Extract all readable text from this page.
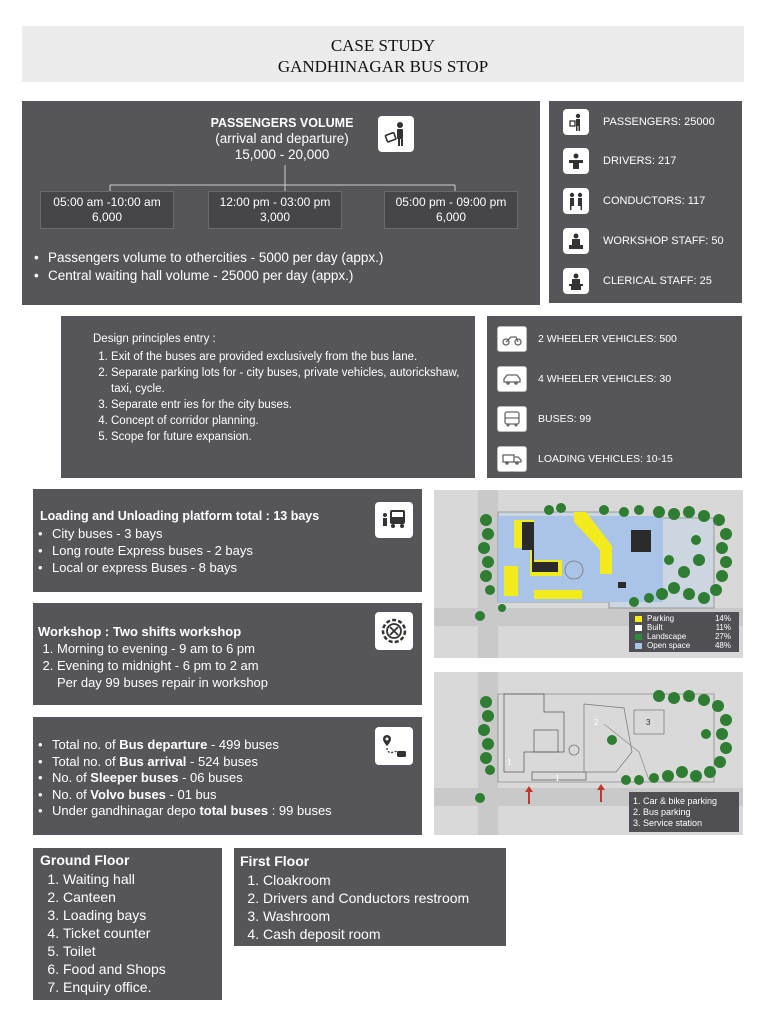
CASE STUDY
GANDHINAGAR BUS STOP
PASSENGERS VOLUME
(arrival and departure)
15,000 - 20,000
05:00 am -10:00 am
6,000
12:00 pm - 03:00 pm
3,000
05:00 pm - 09:00 pm
6,000
• Passengers volume to othercities - 5000 per day (appx.)
• Central waiting hall volume - 25000 per day (appx.)
PASSENGERS: 25000
DRIVERS: 217
CONDUCTORS: 117
WORKSHOP STAFF: 50
CLERICAL STAFF: 25
Design principles entry :
1. Exit of the buses are provided exclusively from the bus lane.
2. Separate parking lots for - city buses, private vehicles, autorickshaw, taxi, cycle.
3. Separate entr ies for the city buses.
4. Concept of corridor planning.
5. Scope for future expansion.
2 WHEELER VEHICLES: 500
4 WHEELER VEHICLES: 30
BUSES: 99
LOADING VEHICLES: 10-15
Loading and Unloading platform total : 13 bays
• City buses - 3 bays
• Long route Express buses - 2 bays
• Local or express Buses - 8 bays
Workshop : Two shifts workshop
1. Morning to evening - 9 am to 6 pm
2. Evening to midnight - 6 pm to 2 am
Per day 99 buses repair in workshop
• Total no. of Bus departure - 499 buses
• Total no. of Bus arrival - 524 buses
• No. of Sleeper buses - 06 buses
• No. of Volvo buses - 01 bus
• Under gandhinagar depo total buses : 99 buses
Parking	14%
Built	11%
Landscape	27%
Open space	48%
1
1
2	3
1. Car & bike parking
2. Bus parking
3. Service station
Ground Floor
1. Waiting hall
2. Canteen
3. Loading bays
4. Ticket counter
5. Toilet
6. Food and Shops
7. Enquiry office.
First Floor
1. Cloakroom
2. Drivers and Conductors restroom
3. Washroom
4. Cash deposit room
